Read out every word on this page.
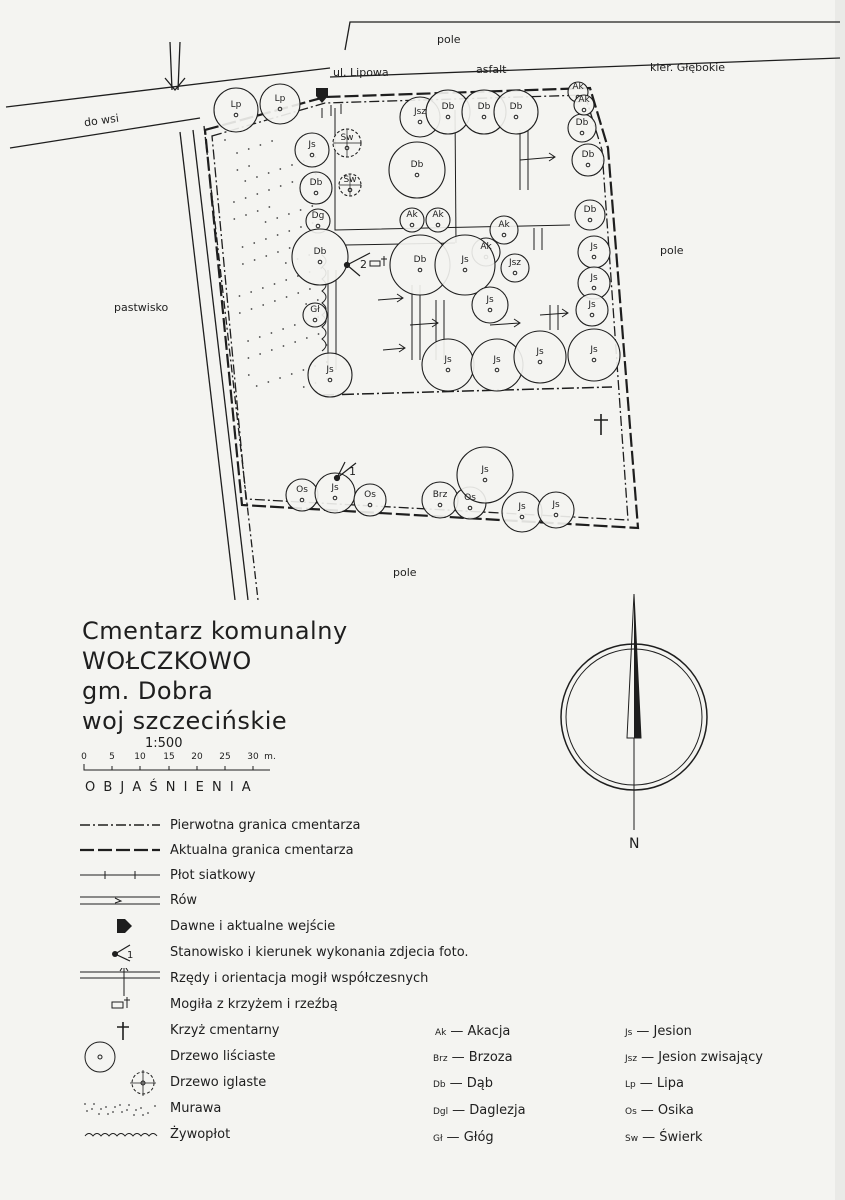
1
2
pole
ul. Lipowa	asfalt	kier. Głębokie
do wsi
pastwisko
pole
pole
Lp
Lp
Sw
Js
Db Sw
Dg
Db
Gł
Js
Jsz Db	Db Db
Db
Ak Ak
Ak
Db
Db
Ak
Ak
Ak
Db	Js	Jsz
Js
Js
Js
Js
Js	Js
Js	Js
Os	Js
Os	Brz Os
Js
Js	Js
Db
Cmentarz komunalny
WOŁCZKOWO
gm. Dobra
woj szczecińskie
1:500
0 5 10 15 20 25 30 m.
N
O B J A Ś N I E N I A
Pierwotna granica cmentarza
Aktualna granica cmentarza
Płot siatkowy
Rów
Dawne i aktualne wejście
1	Stanowisko i kierunek wykonania zdjecia foto.
Rzędy i orientacja mogił współczesnych
Mogiła z krzyżem i rzeźbą
Krzyż cmentarny
Drzewo liściaste
Drzewo iglaste
Murawa
Żywopłot
Ak — Akacja
Brz — Brzoza
Db — Dąb
Dgl — Daglezja
Gł — Głóg
Js — Jesion
Jsz — Jesion zwisający
Lp — Lipa
Os — Osika
Sw — Świerk
